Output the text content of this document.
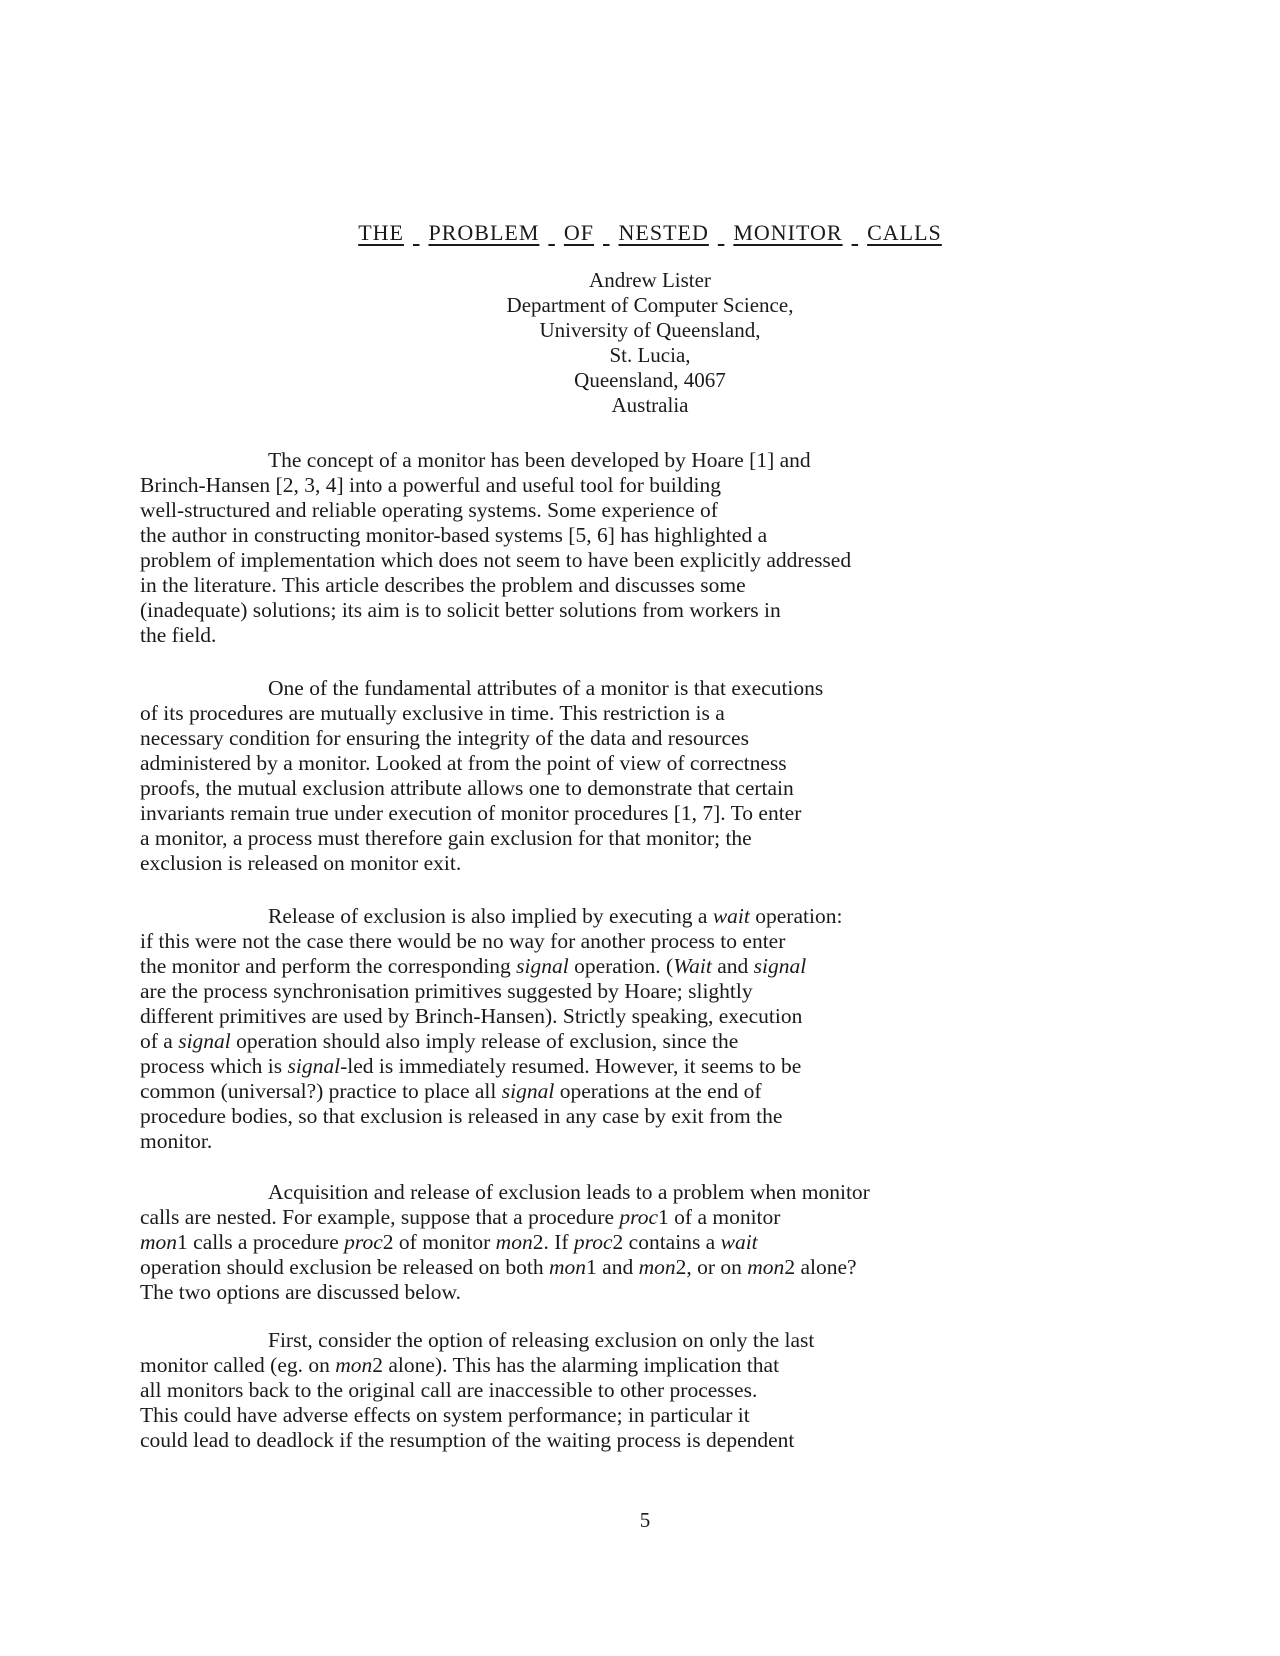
THE PROBLEM OF NESTED MONITOR CALLS
Andrew Lister
Department of Computer Science,
University of Queensland,
St. Lucia,
Queensland, 4067
Australia

The concept of a monitor has been developed by Hoare [1] and
Brinch-Hansen [2, 3, 4] into a powerful and useful tool for building
well-structured and reliable operating systems. Some experience of
the author in constructing monitor-based systems [5, 6] has highlighted a
problem of implementation which does not seem to have been explicitly addressed
in the literature. This article describes the problem and discusses some
(inadequate) solutions; its aim is to solicit better solutions from workers in
the field.

One of the fundamental attributes of a monitor is that executions
of its procedures are mutually exclusive in time. This restriction is a
necessary condition for ensuring the integrity of the data and resources
administered by a monitor. Looked at from the point of view of correctness
proofs, the mutual exclusion attribute allows one to demonstrate that certain
invariants remain true under execution of monitor procedures [1, 7]. To enter
a monitor, a process must therefore gain exclusion for that monitor; the
exclusion is released on monitor exit.

Release of exclusion is also implied by executing a wait operation:
if this were not the case there would be no way for another process to enter
the monitor and perform the corresponding signal operation. (Wait and signal
are the process synchronisation primitives suggested by Hoare; slightly
different primitives are used by Brinch-Hansen). Strictly speaking, execution
of a signal operation should also imply release of exclusion, since the
process which is signal-led is immediately resumed. However, it seems to be
common (universal?) practice to place all signal operations at the end of
procedure bodies, so that exclusion is released in any case by exit from the
monitor.

Acquisition and release of exclusion leads to a problem when monitor
calls are nested. For example, suppose that a procedure proc1 of a monitor
mon1 calls a procedure proc2 of monitor mon2. If proc2 contains a wait
operation should exclusion be released on both mon1 and mon2, or on mon2 alone?
The two options are discussed below.

First, consider the option of releasing exclusion on only the last
monitor called (eg. on mon2 alone). This has the alarming implication that
all monitors back to the original call are inaccessible to other processes.
This could have adverse effects on system performance; in particular it
could lead to deadlock if the resumption of the waiting process is dependent

5
